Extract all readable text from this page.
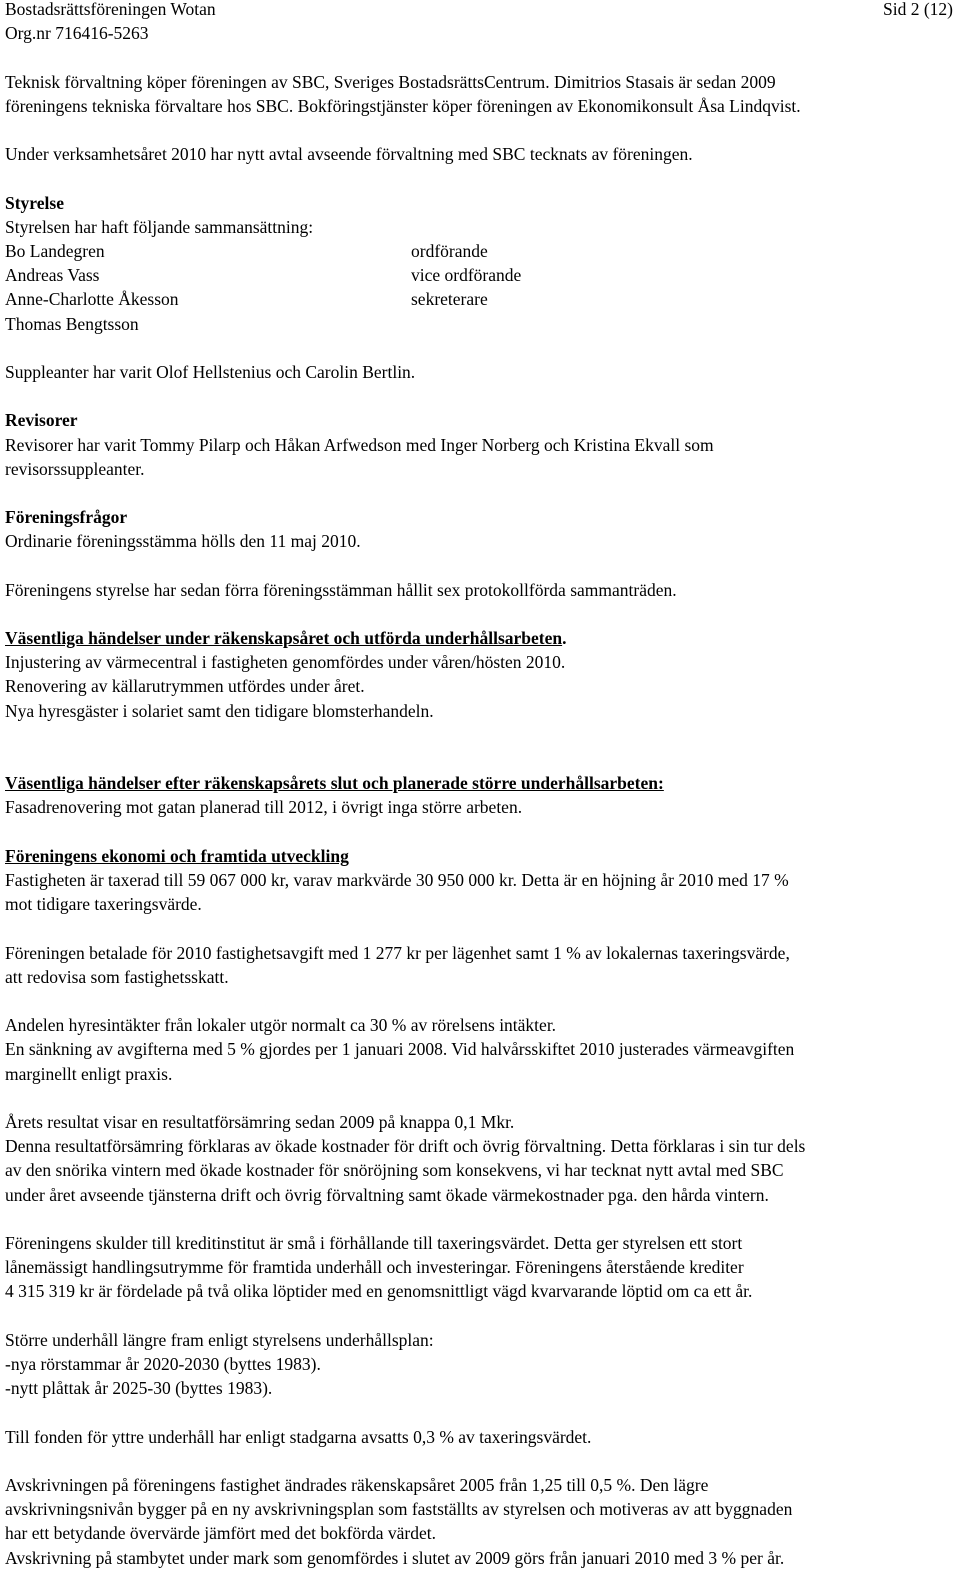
Bostadsrättsföreningen Wotan	Sid 2 (12)

Org.nr 716416-5263

Teknisk förvaltning köper föreningen av SBC, Sveriges BostadsrättsCentrum. Dimitrios Stasais är sedan 2009

föreningens tekniska förvaltare hos SBC. Bokföringstjänster köper föreningen av Ekonomikonsult Åsa Lindqvist.

Under verksamhetsåret 2010 har nytt avtal avseende förvaltning med SBC tecknats av föreningen.

Styrelse

Styrelsen har haft följande sammansättning:

Bo Landegren	ordförande
Andreas Vass	vice ordförande
Anne-Charlotte Åkesson	sekreterare
Thomas Bengtsson

Suppleanter har varit Olof Hellstenius och Carolin Bertlin.

Revisorer

Revisorer har varit Tommy Pilarp och Håkan Arfwedson med Inger Norberg och Kristina Ekvall som

revisorssuppleanter.

Föreningsfrågor

Ordinarie föreningsstämma hölls den 11 maj 2010.

Föreningens styrelse har sedan förra föreningsstämman hållit sex protokollförda sammanträden.

Väsentliga händelser under räkenskapsåret och utförda underhållsarbeten.

Injustering av värmecentral i fastigheten genomfördes under våren/hösten 2010.

Renovering av källarutrymmen utfördes under året.

Nya hyresgäster i solariet samt den tidigare blomsterhandeln.

Väsentliga händelser efter räkenskapsårets slut och planerade större underhållsarbeten:

Fasadrenovering mot gatan planerad till 2012, i övrigt inga större arbeten.

Föreningens ekonomi och framtida utveckling

Fastigheten är taxerad till 59 067 000 kr, varav markvärde 30 950 000 kr. Detta är en höjning år 2010 med 17 %

mot tidigare taxeringsvärde.

Föreningen betalade för 2010 fastighetsavgift med 1 277 kr per lägenhet samt 1 % av lokalernas taxeringsvärde,

att redovisa som fastighetsskatt.

Andelen hyresintäkter från lokaler utgör normalt ca 30 % av rörelsens intäkter.

En sänkning av avgifterna med 5 % gjordes per 1 januari 2008. Vid halvårsskiftet 2010 justerades värmeavgiften

marginellt enligt praxis.

Årets resultat visar en resultatförsämring sedan 2009 på knappa 0,1 Mkr.

Denna resultatförsämring förklaras av ökade kostnader för drift och övrig förvaltning. Detta förklaras i sin tur dels

av den snörika vintern med ökade kostnader för snöröjning som konsekvens, vi har tecknat nytt avtal med SBC

under året avseende tjänsterna drift och övrig förvaltning samt ökade värmekostnader pga. den hårda vintern.

Föreningens skulder till kreditinstitut är små i förhållande till taxeringsvärdet. Detta ger styrelsen ett stort

lånemässigt handlingsutrymme för framtida underhåll och investeringar. Föreningens återstående krediter

4 315 319 kr är fördelade på två olika löptider med en genomsnittligt vägd kvarvarande löptid om ca ett år.

Större underhåll längre fram enligt styrelsens underhållsplan:

-nya rörstammar år 2020-2030 (byttes 1983).

-nytt plåttak år 2025-30 (byttes 1983).

Till fonden för yttre underhåll har enligt stadgarna avsatts 0,3 % av taxeringsvärdet.

Avskrivningen på föreningens fastighet ändrades räkenskapsåret 2005 från 1,25 till 0,5 %. Den lägre

avskrivningsnivån bygger på en ny avskrivningsplan som fastställts av styrelsen och motiveras av att byggnaden

har ett betydande övervärde jämfört med det bokförda värdet.

Avskrivning på stambytet under mark som genomfördes i slutet av 2009 görs från januari 2010 med 3 % per år.
